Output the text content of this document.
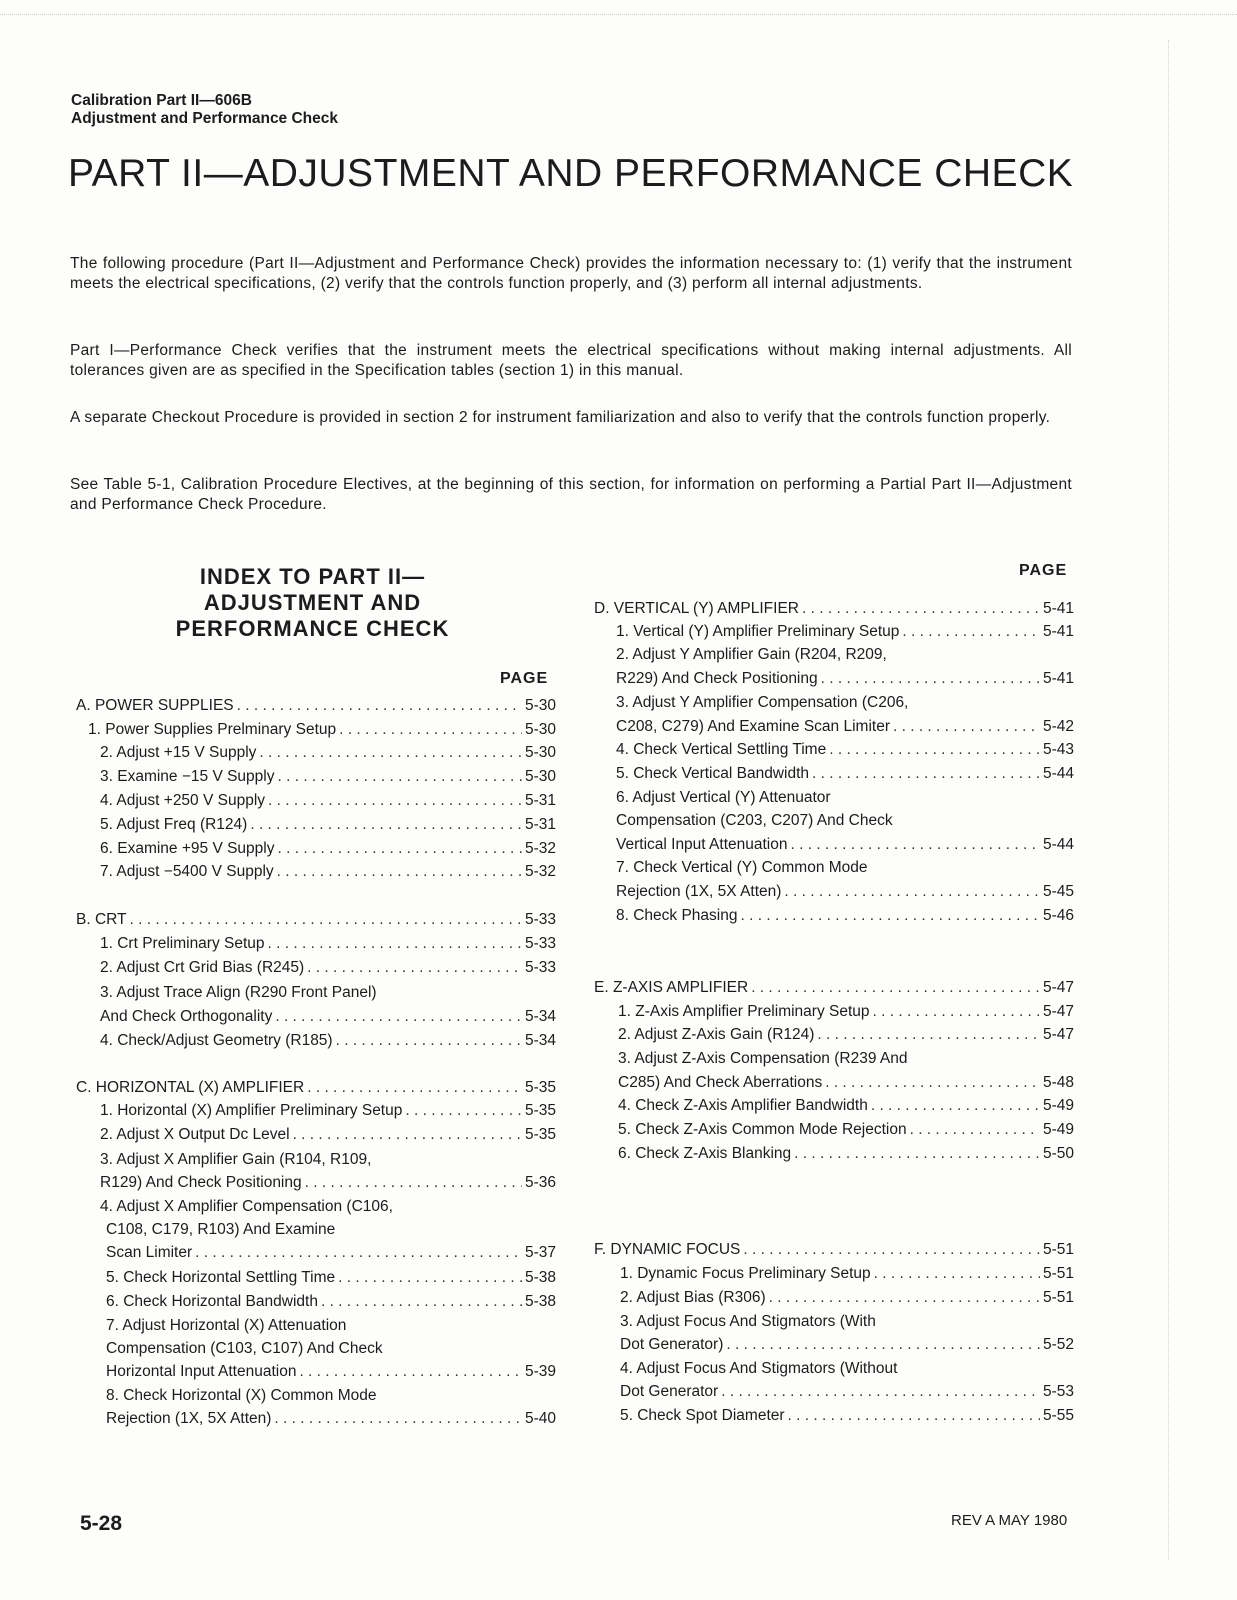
Calibration Part II—606B
Adjustment and Performance Check
PART II—ADJUSTMENT AND PERFORMANCE CHECK
The following procedure (Part II—Adjustment and Performance Check) provides the information necessary to: (1) verify that the instrument meets the electrical specifications, (2) verify that the controls function properly, and (3) perform all internal adjustments.
Part I—Performance Check verifies that the instrument meets the electrical specifications without making internal adjustments. All tolerances given are as specified in the Specification tables (section 1) in this manual.
A separate Checkout Procedure is provided in section 2 for instrument familiarization and also to verify that the controls function properly.
See Table 5-1, Calibration Procedure Electives, at the beginning of this section, for information on performing a Partial Part II—Adjustment and Performance Check Procedure.
INDEX TO PART II—
ADJUSTMENT AND
PERFORMANCE CHECK
PAGE
PAGE
A. POWER SUPPLIES . . .	5-30
1. Power Supplies Prelminary Setup . . .	5-30
2. Adjust +15 V Supply . . .	5-30
3. Examine −15 V Supply . . .	5-30
4. Adjust +250 V Supply . . .	5-31
5. Adjust Freq (R124) . . .	5-31
6. Examine +95 V Supply . . .	5-32
7. Adjust −5400 V Supply . . .	5-32
B. CRT . . .	5-33
1. Crt Preliminary Setup . . .	5-33
2. Adjust Crt Grid Bias (R245) . . .	5-33
3. Adjust Trace Align (R290 Front Panel)
And Check Orthogonality . . .	5-34
4. Check/Adjust Geometry (R185) . . .	5-34
C. HORIZONTAL (X) AMPLIFIER . . .	5-35
1. Horizontal (X) Amplifier Preliminary Setup . . .	5-35
2. Adjust X Output Dc Level . . .	5-35
3. Adjust X Amplifier Gain (R104, R109,
R129) And Check Positioning . . .	5-36
4. Adjust X Amplifier Compensation (C106,
C108, C179, R103) And Examine
Scan Limiter . . .	5-37
5. Check Horizontal Settling Time . . .	5-38
6. Check Horizontal Bandwidth . . .	5-38
7. Adjust Horizontal (X) Attenuation
Compensation (C103, C107) And Check
Horizontal Input Attenuation . . .	5-39
8. Check Horizontal (X) Common Mode
Rejection (1X, 5X Atten) . . .	5-40
D. VERTICAL (Y) AMPLIFIER . . .	5-41
1. Vertical (Y) Amplifier Preliminary Setup . . .	5-41
2. Adjust Y Amplifier Gain (R204, R209,
R229) And Check Positioning . . .	5-41
3. Adjust Y Amplifier Compensation (C206,
C208, C279) And Examine Scan Limiter . . .	5-42
4. Check Vertical Settling Time . . .	5-43
5. Check Vertical Bandwidth . . .	5-44
6. Adjust Vertical (Y) Attenuator
Compensation (C203, C207) And Check
Vertical Input Attenuation . . .	5-44
7. Check Vertical (Y) Common Mode
Rejection (1X, 5X Atten) . . .	5-45
8. Check Phasing . . .	5-46
E. Z-AXIS AMPLIFIER . . .	5-47
1. Z-Axis Amplifier Preliminary Setup . . .	5-47
2. Adjust Z-Axis Gain (R124) . . .	5-47
3. Adjust Z-Axis Compensation (R239 And
C285) And Check Aberrations . . .	5-48
4. Check Z-Axis Amplifier Bandwidth . . .	5-49
5. Check Z-Axis Common Mode Rejection . . .	5-49
6. Check Z-Axis Blanking . . .	5-50
F. DYNAMIC FOCUS . . .	5-51
1. Dynamic Focus Preliminary Setup . . .	5-51
2. Adjust Bias (R306) . . .	5-51
3. Adjust Focus And Stigmators (With
Dot Generator) . . .	5-52
4. Adjust Focus And Stigmators (Without
Dot Generator . . .	5-53
5. Check Spot Diameter . . .	5-55
5-28	REV A MAY 1980
